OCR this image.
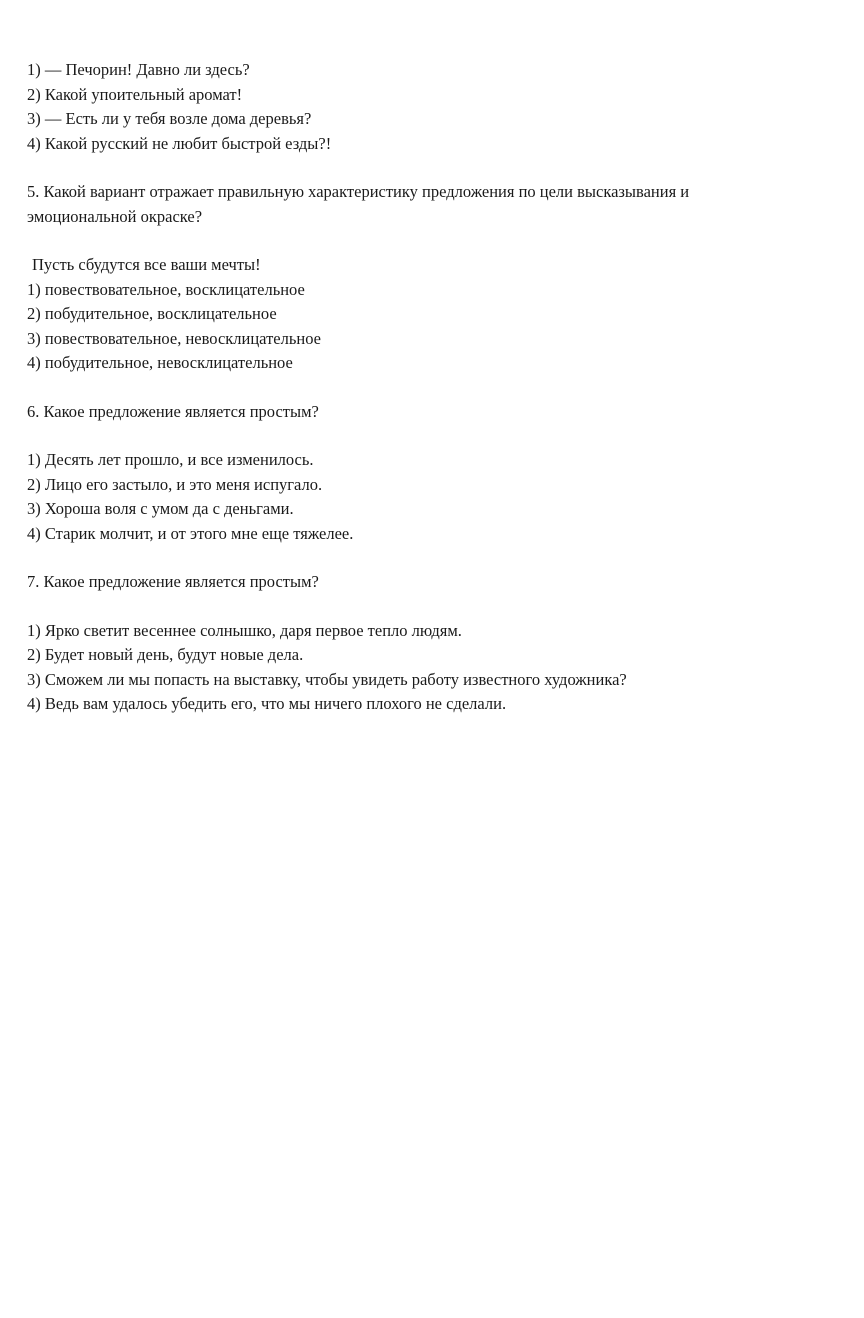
1) — Печорин! Давно ли здесь?

2) Какой упоительный аромат!

3) — Есть ли у тебя возле дома деревья?

4) Какой русский не любит быстрой езды?!

5. Какой вариант отражает правильную характеристику предложения по цели высказывания и эмоциональной окраске?

Пусть сбудутся все ваши мечты!

1) повествовательное, восклицательное

2) побудительное, восклицательное

3) повествовательное, невосклицательное

4) побудительное, невосклицательное

6. Какое предложение является простым?

1) Десять лет прошло, и все изменилось.

2) Лицо его застыло, и это меня испугало.

3) Хороша воля с умом да с деньгами.

4) Старик молчит, и от этого мне еще тяжелее.

7. Какое предложение является простым?

1) Ярко светит весеннее солнышко, даря первое тепло людям.

2) Будет новый день, будут новые дела.

3) Сможем ли мы попасть на выставку, чтобы увидеть работу известного художника?

4) Ведь вам удалось убедить его, что мы ничего плохого не сделали.
